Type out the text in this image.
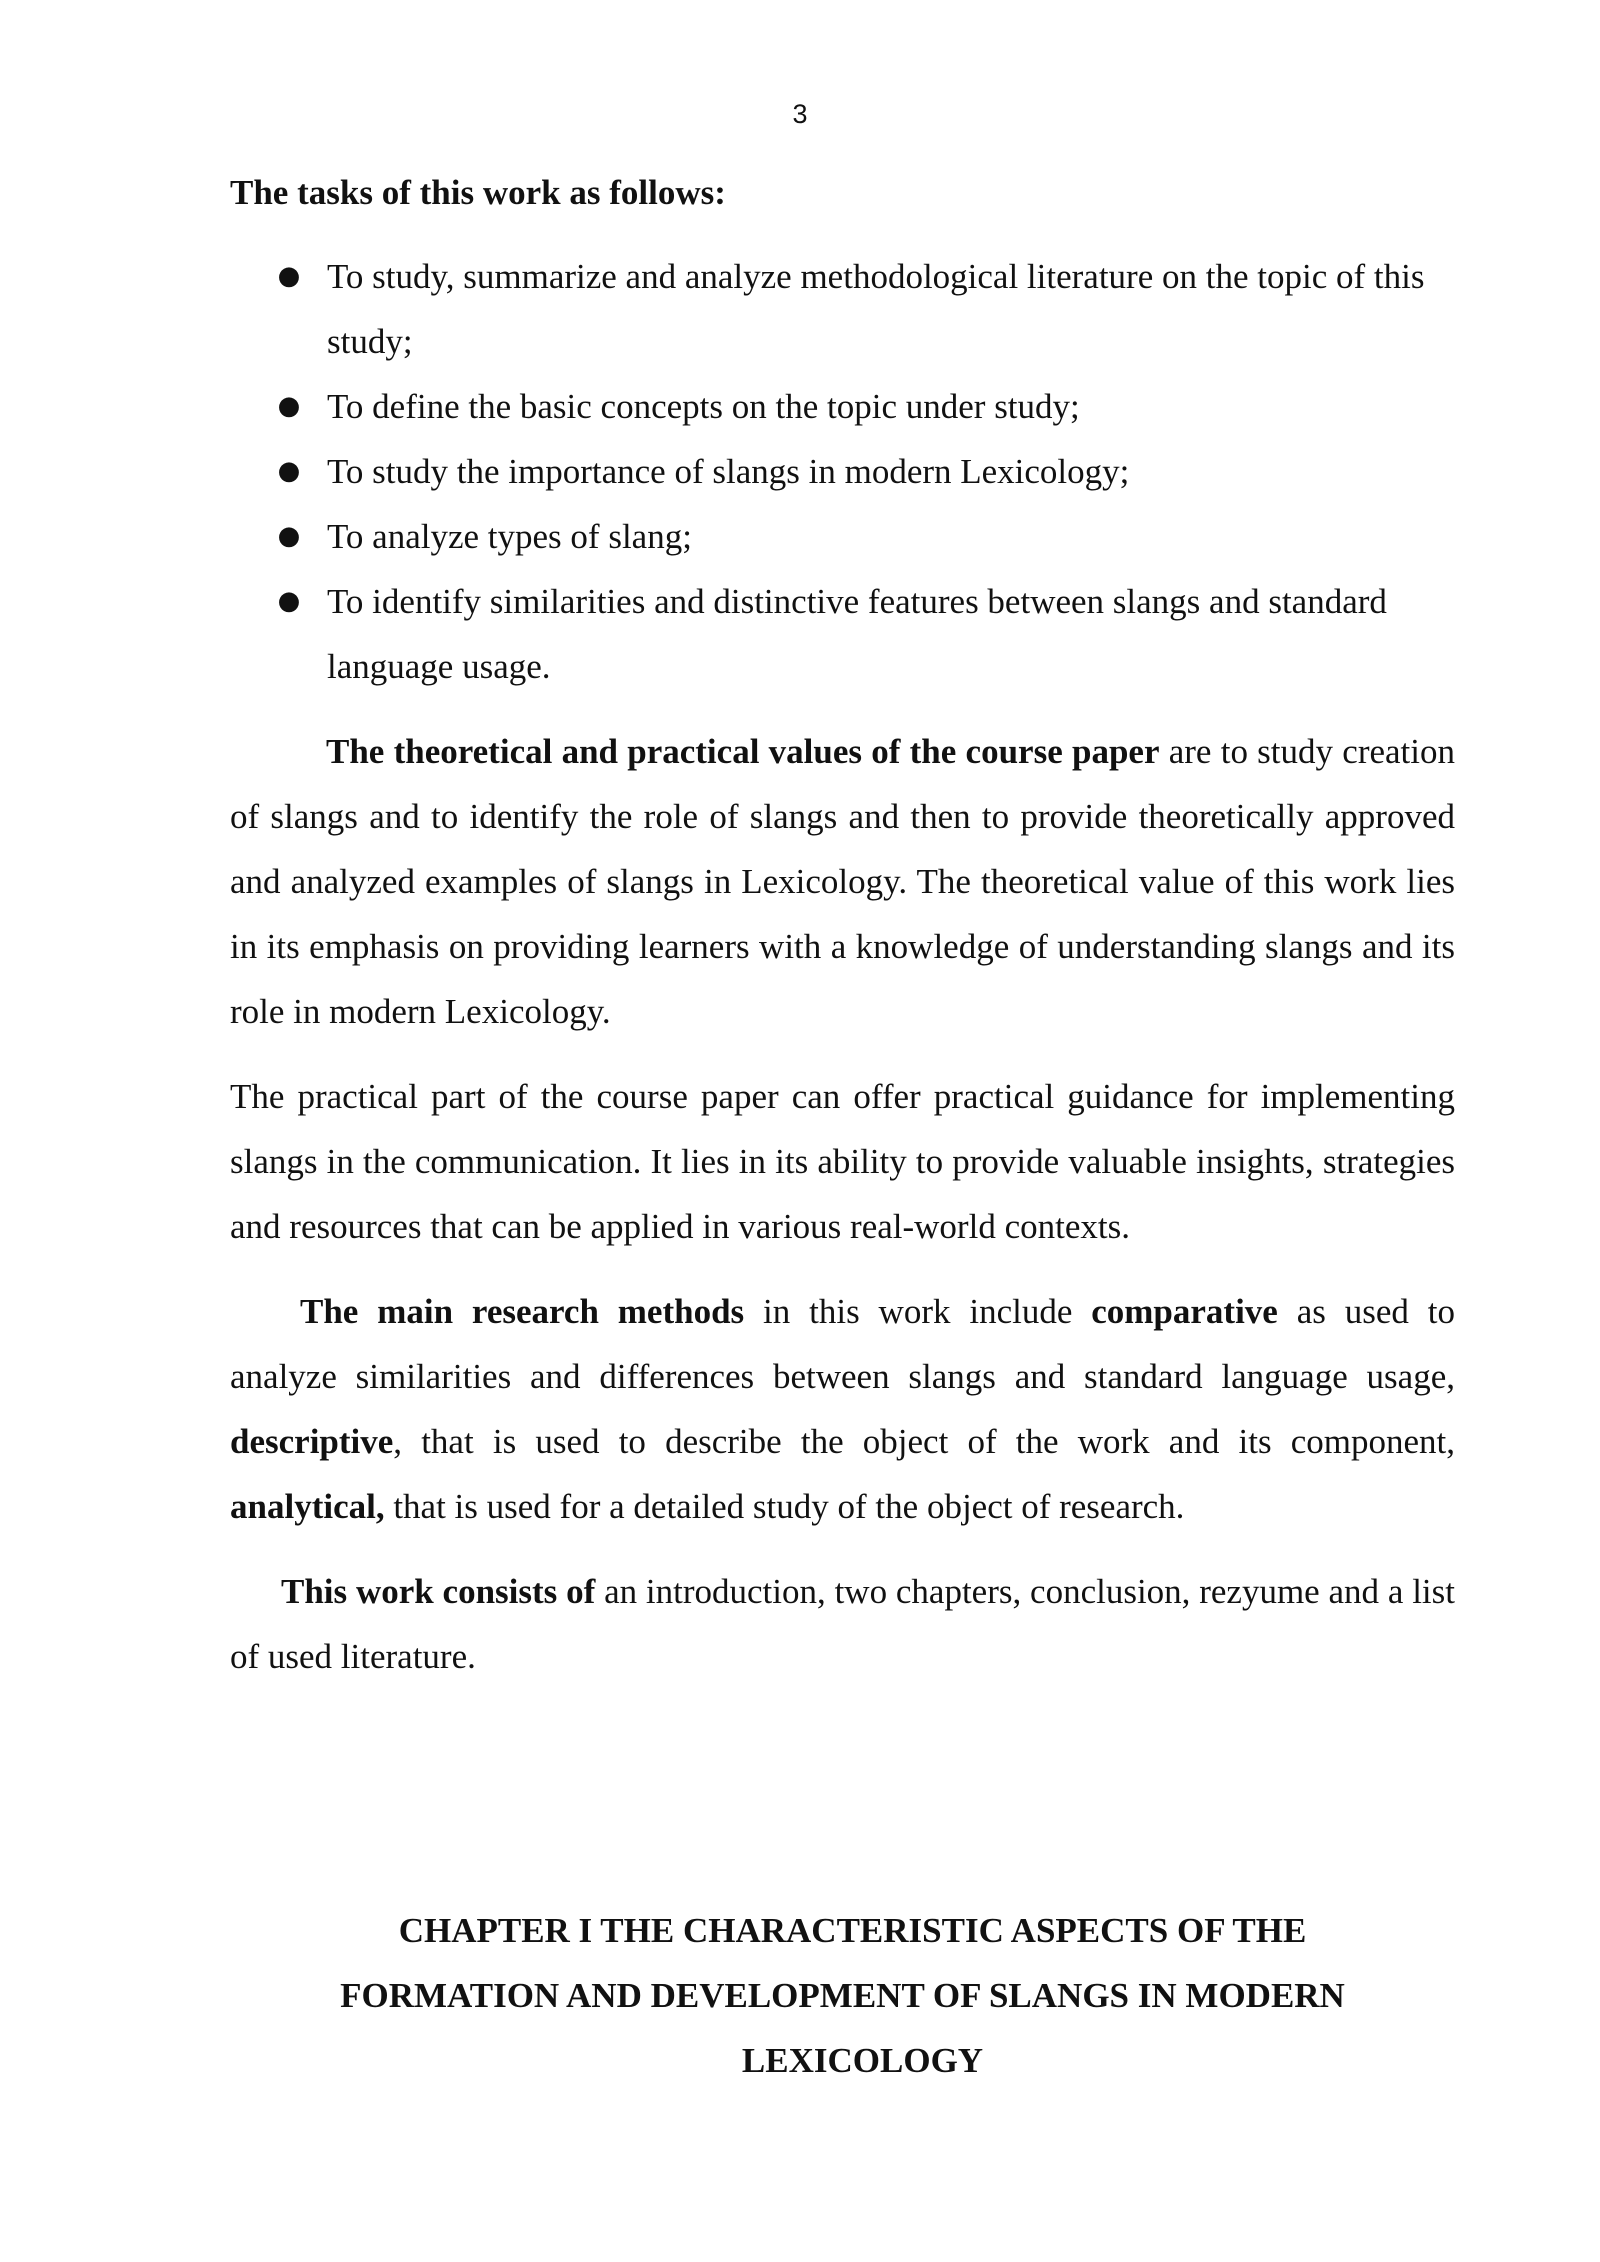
3

The tasks of this work as follows:

● To study, summarize and analyze methodological literature on the topic of this study;
● To define the basic concepts on the topic under study;
● To study the importance of slangs in modern Lexicology;
● To analyze types of slang;
● To identify similarities and distinctive features between slangs and standard language usage.

The theoretical and practical values of the course paper are to study creation of slangs and to identify the role of slangs and then to provide theoretically approved and analyzed examples of slangs in Lexicology. The theoretical value of this work lies in its emphasis on providing learners with a knowledge of understanding slangs and its role in modern Lexicology.

The practical part of the course paper can offer practical guidance for implementing slangs in the communication. It lies in its ability to provide valuable insights, strategies and resources that can be applied in various real-world contexts.

The main research methods in this work include comparative as used to analyze similarities and differences between slangs and standard language usage, descriptive, that is used to describe the object of the work and its component, analytical, that is used for a detailed study of the object of research.

This work consists of an introduction, two chapters, conclusion, rezyume and a list of used literature.

CHAPTER I THE CHARACTERISTIC ASPECTS OF THE
FORMATION AND DEVELOPMENT OF SLANGS IN MODERN
LEXICOLOGY
